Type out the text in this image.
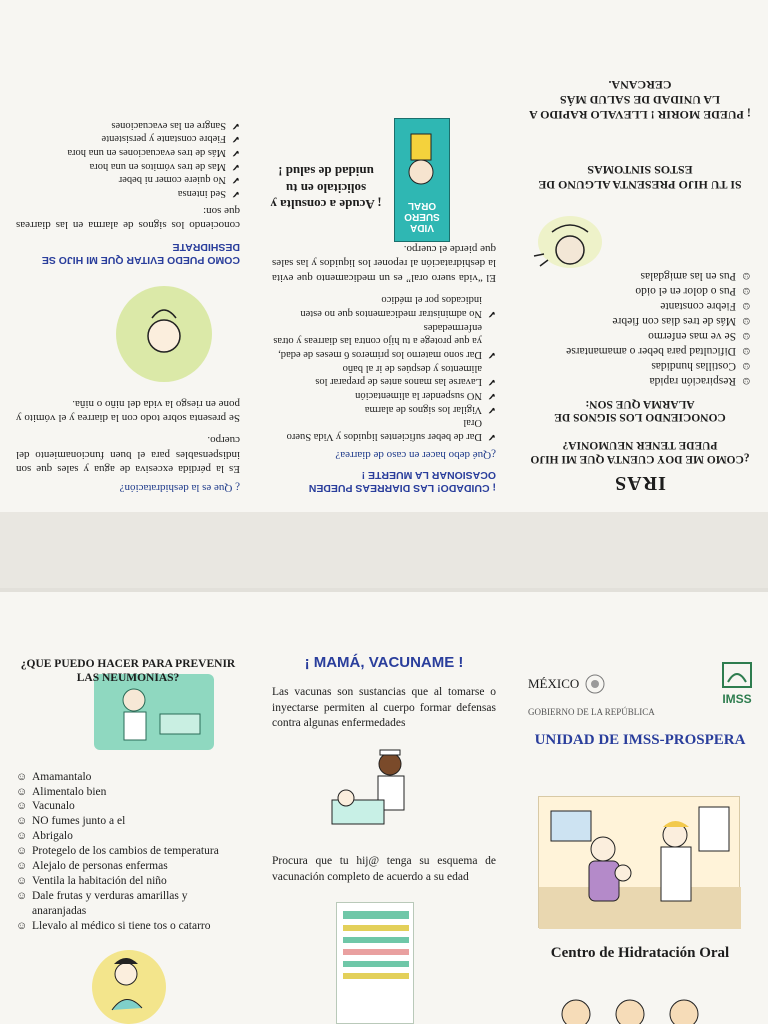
IRAS
¿COMO ME DOY CUENTA QUE MI HIJO PUEDE TENER NEUMONIA?
CONOCIENDO LOS SIGNOS DE ALARMA QUE SON:
☺ Respiración rapida
☺ Costillas hundidas
☺ Dificultad para beber o amamantarse
☺ Se ve mas enfermo
☺ Más de tres dias con fiebre
☺ Fiebre constante
☺ Pus o dolor en el oido
☺ Pus en las amigdalas
SI TU HIJO PRESENTA ALGUNO DE ESTOS SINTOMAS
¡ PUEDE MORIR ! LLEVALO RAPIDO A LA UNIDAD DE SALUD MÁS CERCANA.
¡ CUIDADO! LAS DIARREAS PUEDEN OCASIONAR LA MUERTE !
¿Qué debo hacer en caso de diarrea?
✔ Dar de beber suficientes liquidos y Vida Suero Oral
✔ Vigilar los signos de alarma
✔ NO suspender la alimentación
✔ Lavarse las manos antes de preparar los alimentos y despúes de ir al baño
✔ Dar sono materno los primeros 6 meses de edad, ya que protege a tu hijo contra las diarreas y otras enfermedades
✔ No administrar medicamentos que no esten indicados por el médico
El “vida suero oral” es un medicamento que evita la deshidratación al reponer los liquidos y las sales que pierde el cuerpo.
VIDA SUERO ORAL
¡ Acude a consulta y solicitalo en tu unidad de salud !
¿ Que es la deshidratación?
Es la pérdida excesiva de agua y sales que son indispensables para el buen funcionamiento del cuerpo.
Se presenta sobre todo con la diarrea y el vómito y pone en riesgo la vida del niño o niña.
COMO PUEDO EVITAR QUE MI HIJO SE DESHIDRATE
conociendo los signos de alarma en las diarreas que son:
✔ Sed intensa
✔ No quiere comer ni beber
✔ Mas de tres vómitos en una hora
✔ Más de tres evacuaciones en una hora
✔ Fiebre constante y persistente
✔ Sangre en las evacuaciones
¿QUE PUEDO HACER PARA PREVENIR LAS NEUMONIAS?
☺ Amamantalo
☺ Alimentalo bien
☺ Vacunalo
☺ NO fumes junto a el
☺ Abrigalo
☺ Protegelo de los cambios de temperatura
☺ Alejalo de personas enfermas
☺ Ventila la habitación del niño
☺ Dale frutas y verduras amarillas y anaranjadas
☺ Llevalo al médico si tiene tos o catarro
¡ MAMÁ, VACUNAME !
Las vacunas son sustancias que al tomarse o inyectarse permiten al cuerpo formar defensas contra algunas enfermedades
Procura que tu hij@ tenga su esquema de vacunación completo de acuerdo a su edad
MÉXICO
IMSS
GOBIERNO DE LA REPÚBLICA
UNIDAD DE IMSS-PROSPERA
Centro de Hidratación Oral
